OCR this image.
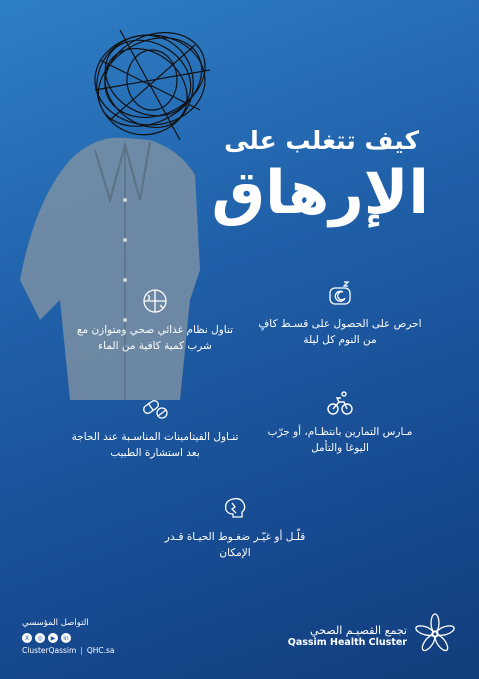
كيف تتغلب على
الإرهاق
احرص على الحصول على قسـط كافٍ من النوم كل ليلة
تناول نظام غذائي صحي ومتوازن مع شرب كمية كافية من الماء
مـارس التمارين بانتظـام، أو جرّب اليوغا والتأمل
تنـاول الفيتامينات المناسـبة عند الحاجة بعد استشارة الطبيب
قلّـل أو غيّـر ضغـوط الحيـاة قـدر الإمكان
تجمع القصيـم الصحي
Qassim Health Cluster
التواصل المؤسسي
X	◎	▶	in
ClusterQassim | QHC.sa
